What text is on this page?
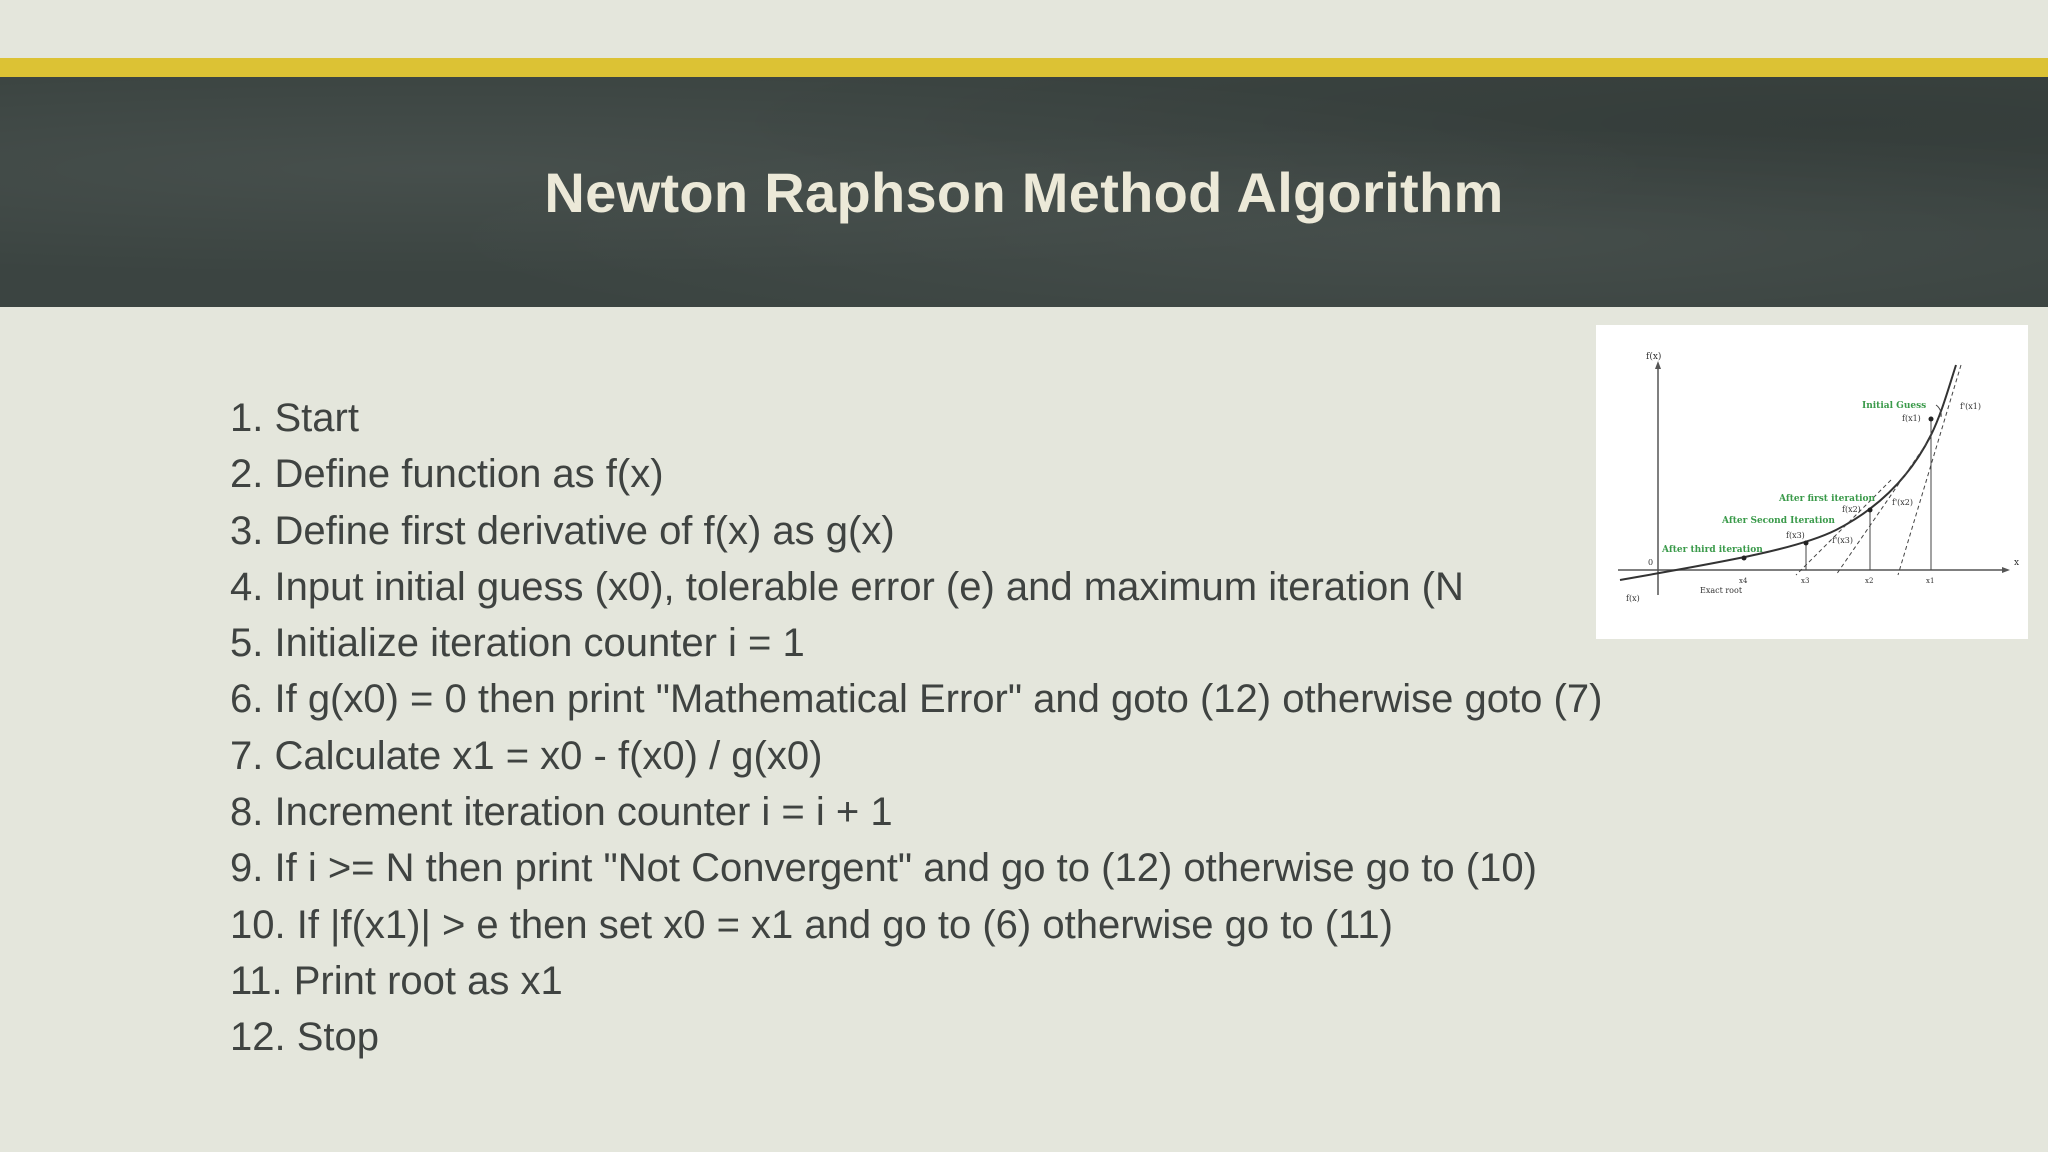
Newton Raphson Method Algorithm
1. Start
2. Define function as f(x)
3. Define first derivative of f(x) as g(x)
4. Input initial guess (x0), tolerable error (e) and maximum iteration (N
5. Initialize iteration counter i = 1
6. If g(x0) = 0 then print "Mathematical Error" and goto (12) otherwise goto (7)
7. Calculate x1 = x0 - f(x0) / g(x0)
8. Increment iteration counter i = i + 1
9. If i >= N then print "Not Convergent" and go to (12) otherwise go to (10)
10. If |f(x1)| > e then set x0 = x1 and go to (6) otherwise go to (11)
11. Print root as x1
12. Stop
f(x)
x
0
f(x)
Exact root
Initial Guess
After first iteration
After Second Iteration
After third iteration
f(x1)
f(x2)
f(x3)
f'(x1)
f'(x2)
f'(x3)
x4	x3	x2	x1
